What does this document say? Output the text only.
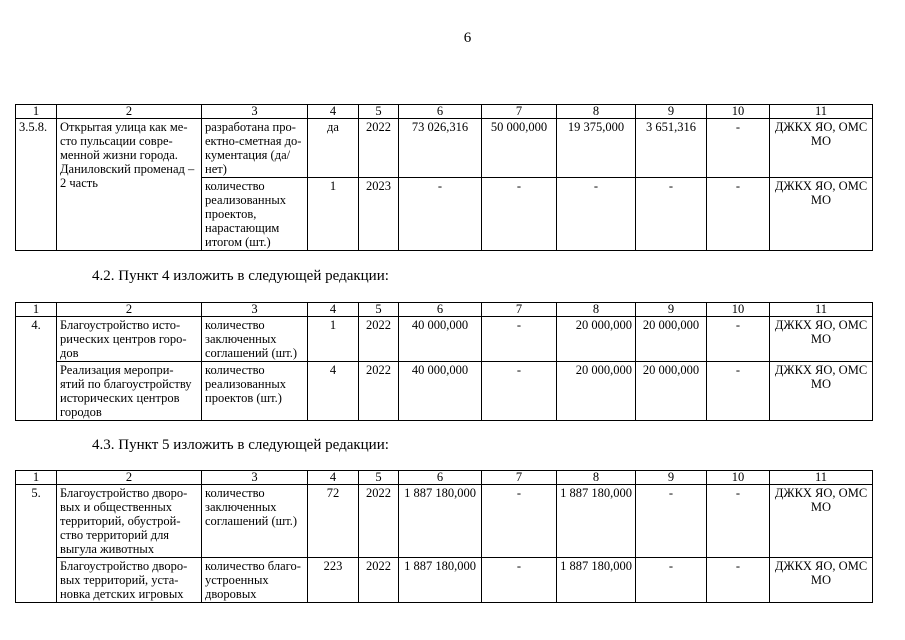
6
1	2	3	4	5	6	7	8	9	10	11
3.5.8.	Открытая улица как ме-сто пульсации совре-менной жизни города. Даниловский променад – 2 часть	разработана про-ектно-сметная до-кументация (да/нет)	да	2022	73 026,316	50 000,000	19 375,000	3 651,316	-	ДЖКХ ЯО, ОМС МО
		количество реализованных проектов, нарастающим итогом (шт.)	1	2023	-	-	-	-	-	ДЖКХ ЯО, ОМС МО
4.2. Пункт 4 изложить в следующей редакции:
1	2	3	4	5	6	7	8	9	10	11
4.	Благоустройство исто-рических центров горо-дов	количество заключенных соглашений (шт.)	1	2022	40 000,000	-	20 000,000	20 000,000	-	ДЖКХ ЯО, ОМС МО
	Реализация меропри-ятий по благоустройству исторических центров городов	количество реализованных проектов (шт.)	4	2022	40 000,000	-	20 000,000	20 000,000	-	ДЖКХ ЯО, ОМС МО
4.3. Пункт 5 изложить в следующей редакции:
1	2	3	4	5	6	7	8	9	10	11
5.	Благоустройство дворо-вых и общественных территорий, обустрой-ство территорий для выгула животных	количество заключенных соглашений (шт.)	72	2022	1 887 180,000	-	1 887 180,000	-	-	ДЖКХ ЯО, ОМС МО
	Благоустройство дворо-вых территорий, уста-новка детских игровых	количество благо-устроенных дворовых	223	2022	1 887 180,000	-	1 887 180,000	-	-	ДЖКХ ЯО, ОМС МО
